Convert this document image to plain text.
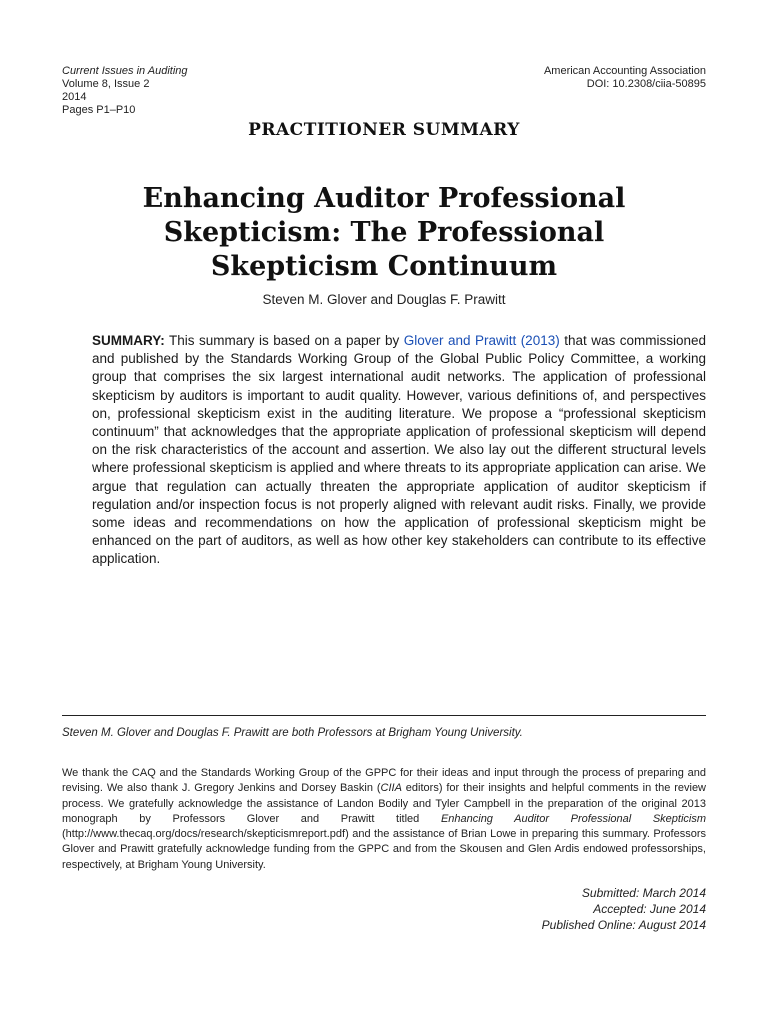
Current Issues in Auditing
Volume 8, Issue 2
2014
Pages P1–P10
American Accounting Association
DOI: 10.2308/ciia-50895
PRACTITIONER SUMMARY
Enhancing Auditor Professional Skepticism: The Professional Skepticism Continuum
Steven M. Glover and Douglas F. Prawitt
SUMMARY: This summary is based on a paper by Glover and Prawitt (2013) that was commissioned and published by the Standards Working Group of the Global Public Policy Committee, a working group that comprises the six largest international audit networks. The application of professional skepticism by auditors is important to audit quality. However, various definitions of, and perspectives on, professional skepticism exist in the auditing literature. We propose a “professional skepticism continuum” that acknowledges that the appropriate application of professional skepticism will depend on the risk characteristics of the account and assertion. We also lay out the different structural levels where professional skepticism is applied and where threats to its appropriate application can arise. We argue that regulation can actually threaten the appropriate application of auditor skepticism if regulation and/or inspection focus is not properly aligned with relevant audit risks. Finally, we provide some ideas and recommendations on how the application of professional skepticism might be enhanced on the part of auditors, as well as how other key stakeholders can contribute to its effective application.
Steven M. Glover and Douglas F. Prawitt are both Professors at Brigham Young University.
We thank the CAQ and the Standards Working Group of the GPPC for their ideas and input through the process of preparing and revising. We also thank J. Gregory Jenkins and Dorsey Baskin (CIIA editors) for their insights and helpful comments in the review process. We gratefully acknowledge the assistance of Landon Bodily and Tyler Campbell in the preparation of the original 2013 monograph by Professors Glover and Prawitt titled Enhancing Auditor Professional Skepticism (http://www.thecaq.org/docs/research/skepticismreport.pdf) and the assistance of Brian Lowe in preparing this summary. Professors Glover and Prawitt gratefully acknowledge funding from the GPPC and from the Skousen and Glen Ardis endowed professorships, respectively, at Brigham Young University.
Submitted: March 2014
Accepted: June 2014
Published Online: August 2014
